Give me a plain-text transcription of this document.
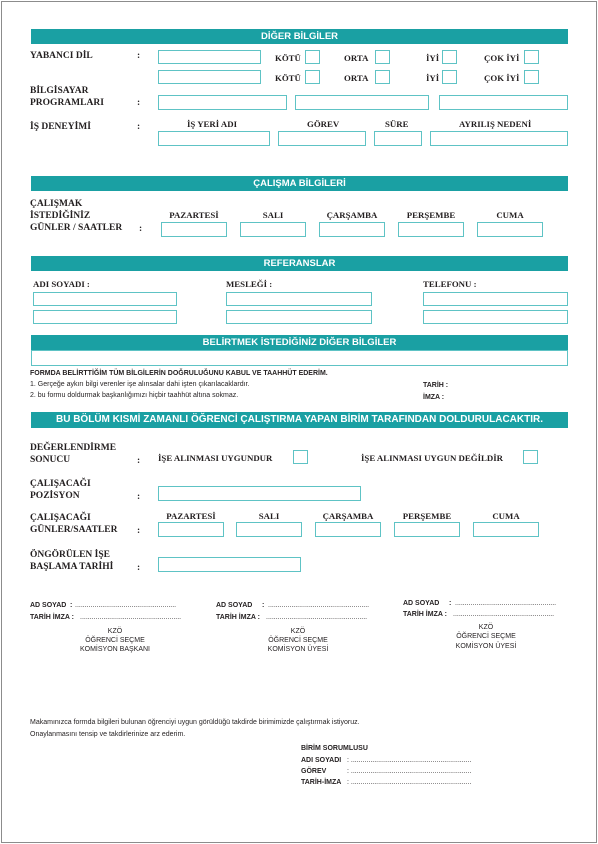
DİĞER BİLGİLER
YABANCI DİL	:	KÖTÜ	ORTA	İYİ	ÇOK İYİ
KÖTÜ	ORTA	İYİ	ÇOK İYİ
BİLGİSAYAR
PROGRAMLARI	:
İŞ DENEYİMİ	:	İŞ YERİ ADI	GÖREV	SÜRE	AYRILIŞ NEDENİ
ÇALIŞMA BİLGİLERİ
ÇALIŞMAK
İSTEDİĞİNİZ
GÜNLER / SAATLER :
PAZARTESİ	SALI	ÇARŞAMBA	PERŞEMBE	CUMA
REFERANSLAR
ADI SOYADI :	MESLEĞİ :	TELEFONU :
BELİRTMEK İSTEDİĞİNİZ DİĞER BİLGİLER
FORMDA BELİRTTİĞİM TÜM BİLGİLERİN DOĞRULUĞUNU KABUL VE TAAHHÜT EDERİM.
1. Gerçeğe aykırı bilgi verenler işe alınsalar dahi işten çıkarılacaklardır.
2. bu formu doldurmak başkanlığımızı hiçbir taahhüt altına sokmaz.
TARİH :
İMZA :
BU BÖLÜM KISMİ ZAMANLI ÖĞRENCİ ÇALIŞTIRMA YAPAN BİRİM TARAFINDAN DOLDURULACAKTIR.
DEĞERLENDİRME
SONUCU	: İŞE ALINMASI UYGUNDUR	İŞE ALINMASI UYGUN DEĞİLDİR
ÇALIŞACAĞI
POZİSYON	:
ÇALIŞACAĞI
GÜNLER/SAATLER :
PAZARTESİ	SALI	ÇARŞAMBA	PERŞEMBE	CUMA
ÖNGÖRÜLEN İŞE
BAŞLAMA TARİHİ :
AD SOYAD ....................................................
:
TARİH İMZA : ....................................................
KZÖ
ÖĞRENCİ SEÇME
KOMİSYON BAŞKANI
AD SOYAD : ....................................................
TARİH İMZA : ....................................................
KZÖ
ÖĞRENCİ SEÇME
KOMİSYON ÜYESİ
AD SOYAD : ....................................................
TARİH İMZA : ....................................................
KZÖ
ÖĞRENCİ SEÇME
KOMİSYON ÜYESİ
Makamınızca formda bilgileri bulunan öğrenciyi uygun görüldüğü takdirde birimimizde çalıştırmak istiyoruz.
Onaylanmasını tensip ve takdirlerinize arz ederim.
BİRİM SORUMLUSU
ADI SOYADI : ..............................................................
GÖREV	: ..............................................................
TARİH-İMZA : ..............................................................
